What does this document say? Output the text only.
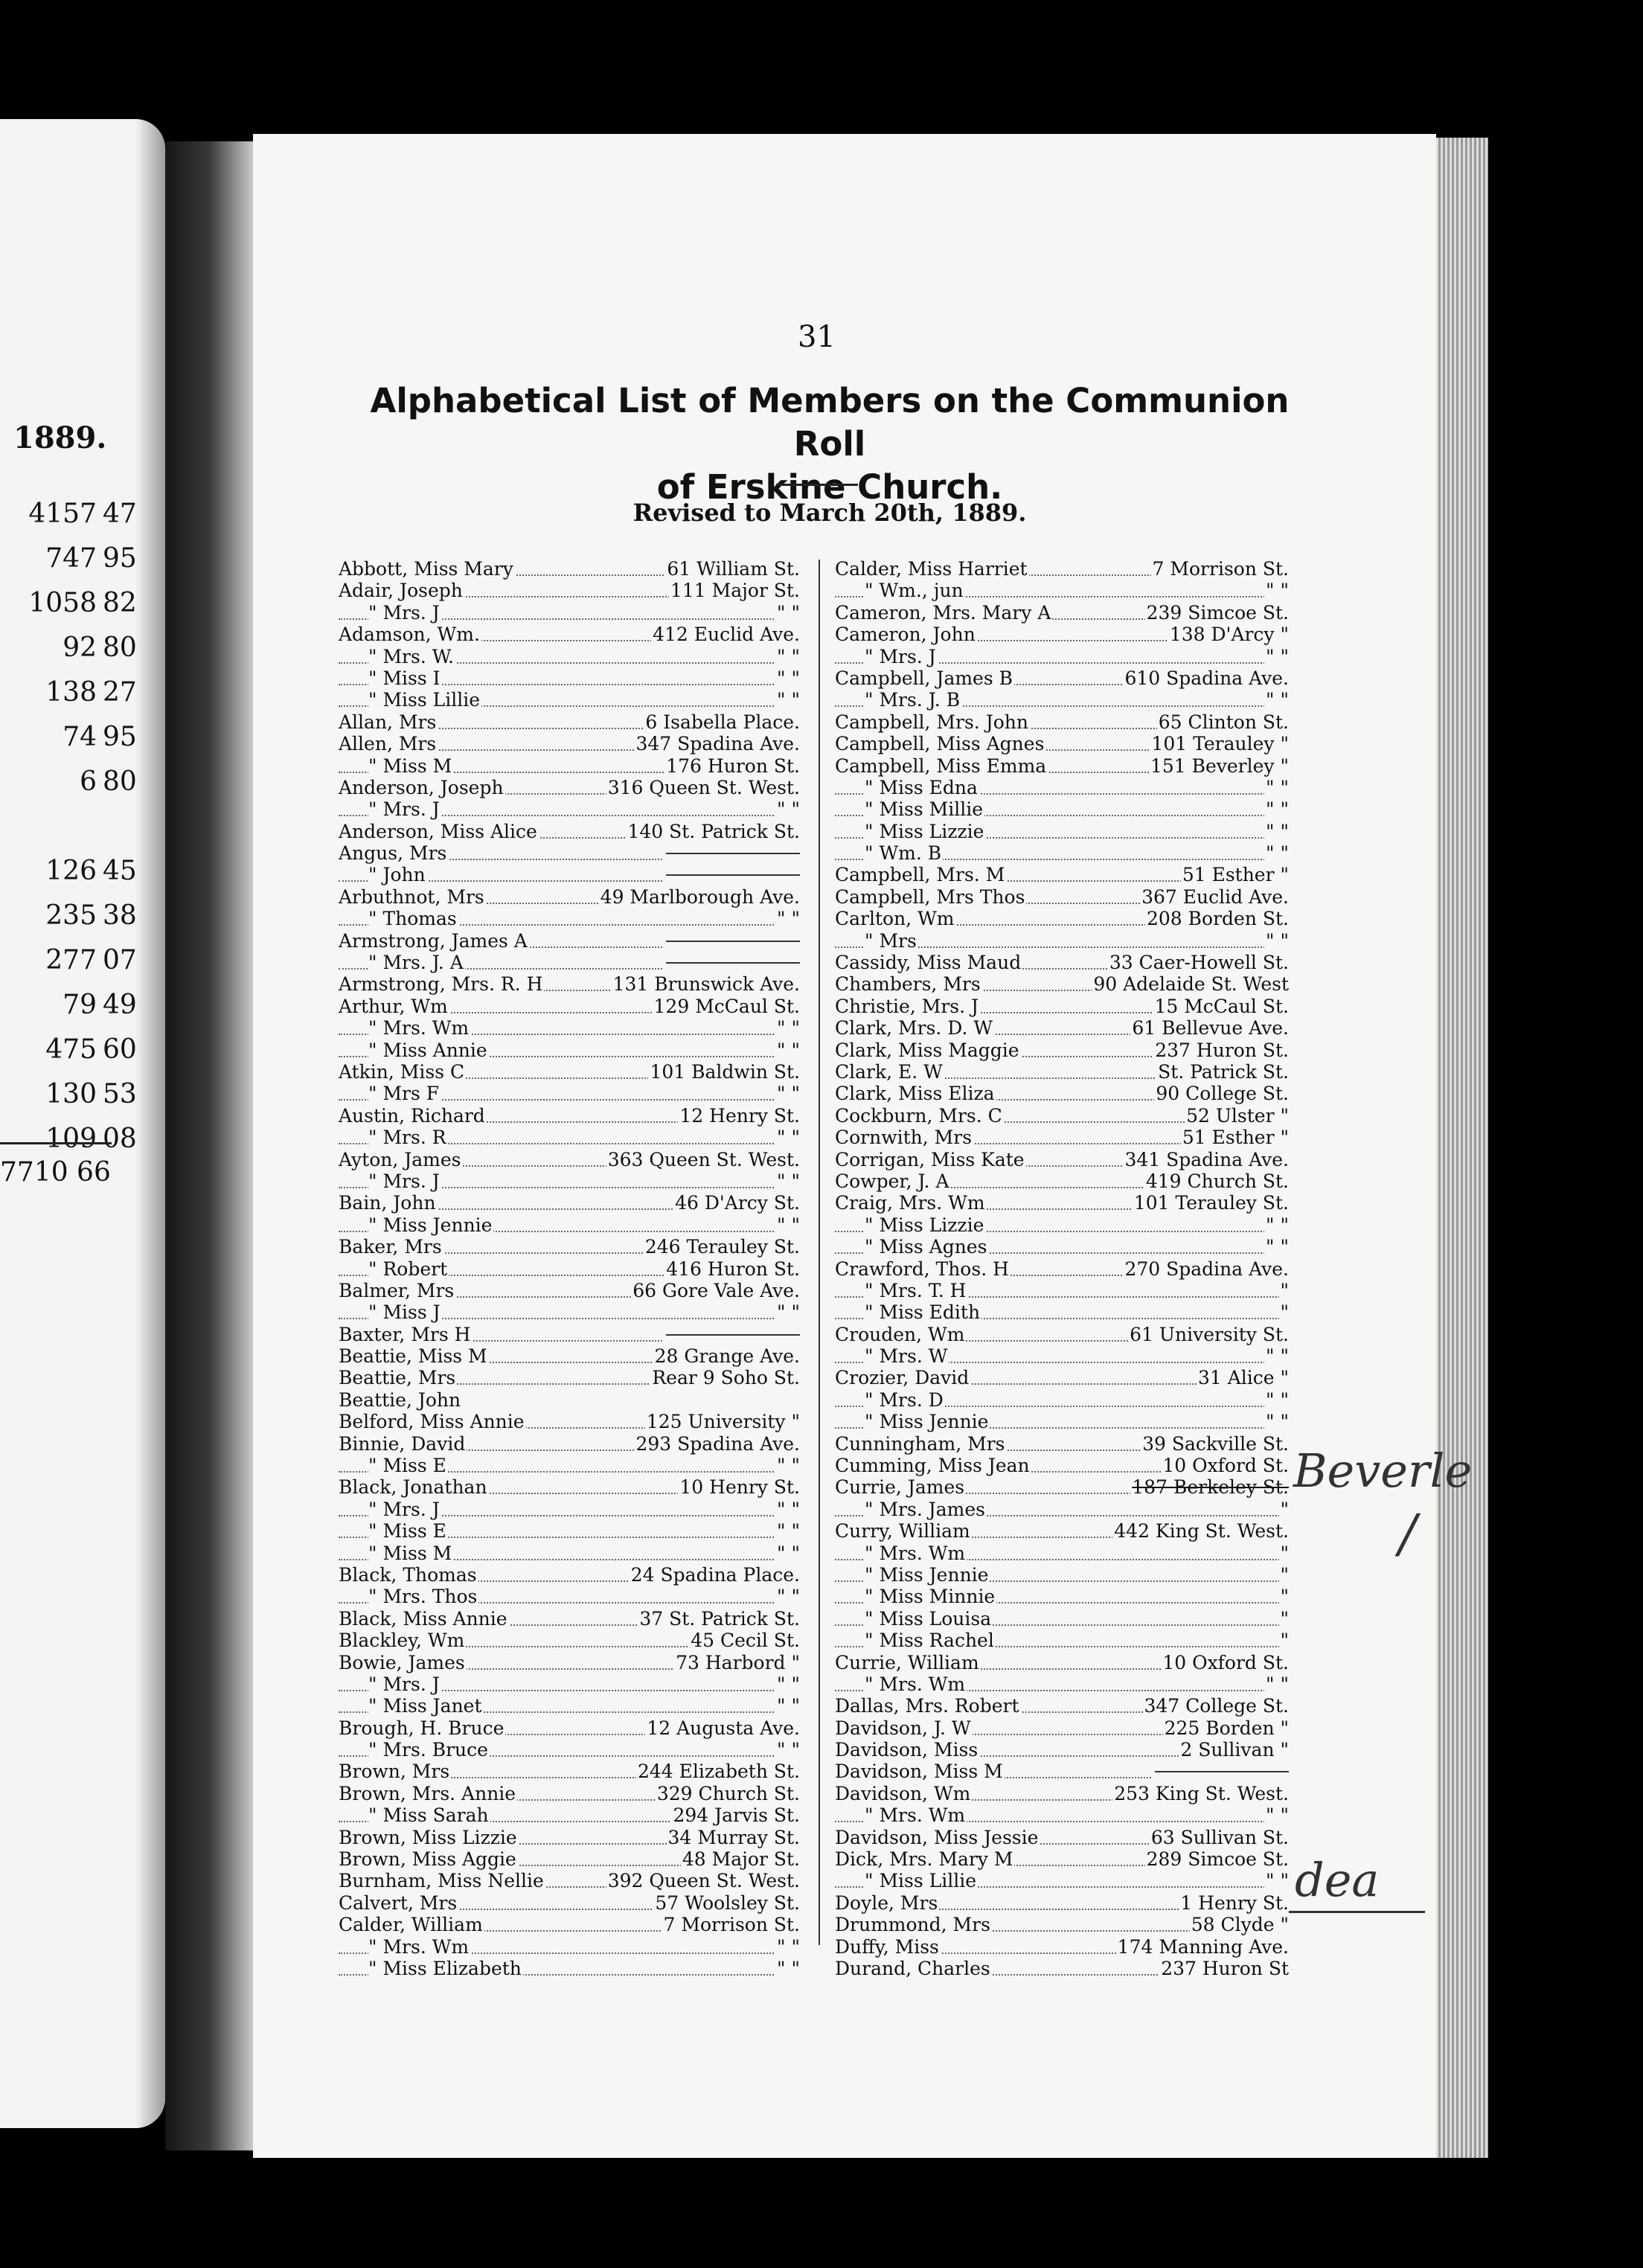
1889.
4157 47
747 95
1058 82
92 80
138 27
74 95
6 80
126 45
235 38
277 07
79 49
475 60
130 53
109 08
7710 66
31
Alphabetical List of Members on the Communion Roll
of Erskine Church.
Revised to March 20th, 1889.
Abbott, Miss Mary	61 William St.
Adair, Joseph	111 Major St.
" Mrs. J	" "
Adamson, Wm.	412 Euclid Ave.
" Mrs. W.	" "
" Miss I	" "
" Miss Lillie	" "
Allan, Mrs	6 Isabella Place.
Allen, Mrs	347 Spadina Ave.
" Miss M	176 Huron St.
Anderson, Joseph	316 Queen St. West.
" Mrs. J	" "
Anderson, Miss Alice	140 St. Patrick St.
Angus, Mrs
" John
Arbuthnot, Mrs	49 Marlborough Ave.
" Thomas	" "
Armstrong, James A
" Mrs. J. A
Armstrong, Mrs. R. H	131 Brunswick Ave.
Arthur, Wm	129 McCaul St.
" Mrs. Wm	" "
" Miss Annie	" "
Atkin, Miss C	101 Baldwin St.
" Mrs F	" "
Austin, Richard	12 Henry St.
" Mrs. R	" "
Ayton, James	363 Queen St. West.
" Mrs. J	" "
Bain, John	46 D'Arcy St.
" Miss Jennie	" "
Baker, Mrs	246 Terauley St.
" Robert	416 Huron St.
Balmer, Mrs	66 Gore Vale Ave.
" Miss J	" "
Baxter, Mrs H
Beattie, Miss M	28 Grange Ave.
Beattie, Mrs	Rear 9 Soho St.
Beattie, John
Belford, Miss Annie	125 University "
Binnie, David	293 Spadina Ave.
" Miss E	" "
Black, Jonathan	10 Henry St.
" Mrs. J	" "
" Miss E	" "
" Miss M	" "
Black, Thomas	24 Spadina Place.
" Mrs. Thos	" "
Black, Miss Annie	37 St. Patrick St.
Blackley, Wm	45 Cecil St.
Bowie, James	73 Harbord "
" Mrs. J	" "
" Miss Janet	" "
Brough, H. Bruce	12 Augusta Ave.
" Mrs. Bruce	" "
Brown, Mrs	244 Elizabeth St.
Brown, Mrs. Annie	329 Church St.
" Miss Sarah	294 Jarvis St.
Brown, Miss Lizzie	34 Murray St.
Brown, Miss Aggie	48 Major St.
Burnham, Miss Nellie	392 Queen St. West.
Calvert, Mrs	57 Woolsley St.
Calder, William	7 Morrison St.
" Mrs. Wm	" "
" Miss Elizabeth	" "
Calder, Miss Harriet	7 Morrison St.
" Wm., jun	" "
Cameron, Mrs. Mary A	239 Simcoe St.
Cameron, John	138 D'Arcy "
" Mrs. J	" "
Campbell, James B	610 Spadina Ave.
" Mrs. J. B	" "
Campbell, Mrs. John	65 Clinton St.
Campbell, Miss Agnes	101 Terauley "
Campbell, Miss Emma	151 Beverley "
" Miss Edna	" "
" Miss Millie	" "
" Miss Lizzie	" "
" Wm. B	" "
Campbell, Mrs. M	51 Esther "
Campbell, Mrs Thos	367 Euclid Ave.
Carlton, Wm	208 Borden St.
" Mrs	" "
Cassidy, Miss Maud	33 Caer-Howell St.
Chambers, Mrs	90 Adelaide St. West
Christie, Mrs. J	15 McCaul St.
Clark, Mrs. D. W	61 Bellevue Ave.
Clark, Miss Maggie	237 Huron St.
Clark, E. W	St. Patrick St.
Clark, Miss Eliza	90 College St.
Cockburn, Mrs. C	52 Ulster "
Cornwith, Mrs	51 Esther "
Corrigan, Miss Kate	341 Spadina Ave.
Cowper, J. A	419 Church St.
Craig, Mrs. Wm	101 Terauley St.
" Miss Lizzie	" "
" Miss Agnes	" "
Crawford, Thos. H	270 Spadina Ave.
" Mrs. T. H	"
" Miss Edith	"
Crouden, Wm	61 University St.
" Mrs. W	" "
Crozier, David	31 Alice "
" Mrs. D	" "
" Miss Jennie	" "
Cunningham, Mrs	39 Sackville St.
Cumming, Miss Jean	10 Oxford St.
Currie, James	187 Berkeley St.
" Mrs. James	"
Curry, William	442 King St. West.
" Mrs. Wm	"
" Miss Jennie	"
" Miss Minnie	"
" Miss Louisa	"
" Miss Rachel	"
Currie, William	10 Oxford St.
" Mrs. Wm	" "
Dallas, Mrs. Robert	347 College St.
Davidson, J. W	225 Borden "
Davidson, Miss	2 Sullivan "
Davidson, Miss M
Davidson, Wm	253 King St. West.
" Mrs. Wm	" "
Davidson, Miss Jessie	63 Sullivan St.
Dick, Mrs. Mary M	289 Simcoe St.
" Miss Lillie	" "
Doyle, Mrs	1 Henry St.
Drummond, Mrs	58 Clyde "
Duffy, Miss	174 Manning Ave.
Durand, Charles	237 Huron St
Beverle
/
dea
